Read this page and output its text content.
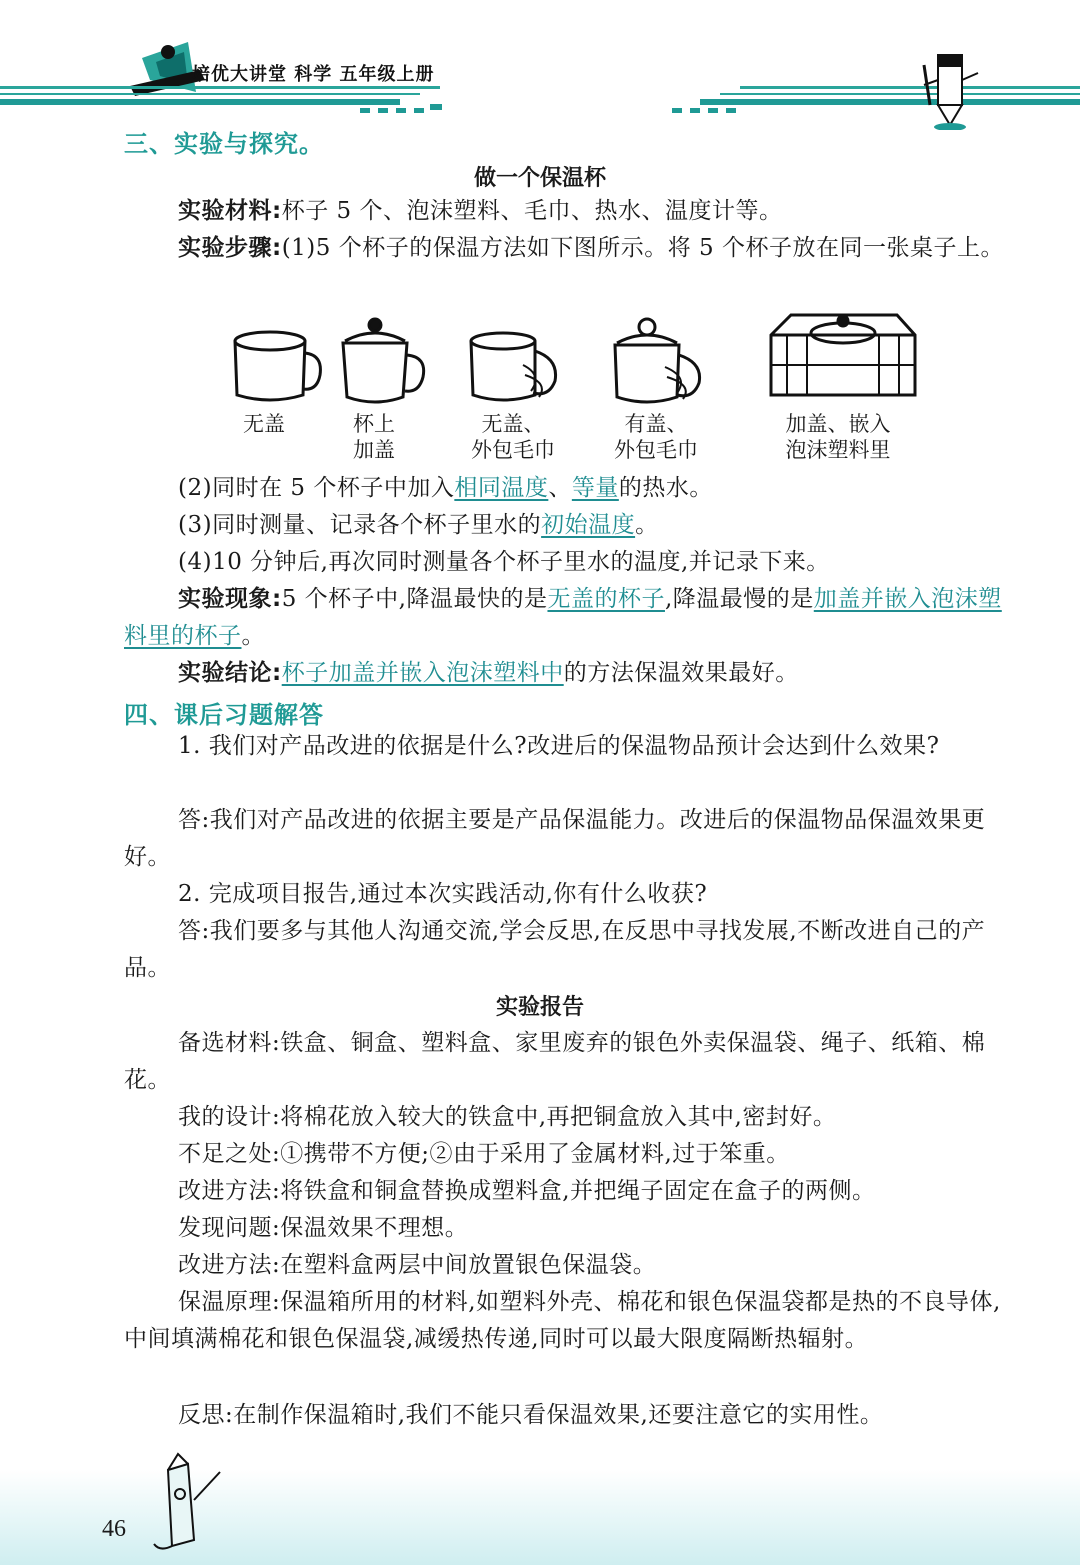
培优大讲堂 科学 五年级上册
三、实验与探究。
做一个保温杯
实验材料:杯子 5 个、泡沫塑料、毛巾、热水、温度计等。
实验步骤:(1)5 个杯子的保温方法如下图所示。将 5 个杯子放在同一张桌子上。
无盖	杯上
加盖
无盖、
外包毛巾
有盖、
外包毛巾
加盖、嵌入
泡沫塑料里
(2)同时在 5 个杯子中加入相同温度、等量的热水。
(3)同时测量、记录各个杯子里水的初始温度。
(4)10 分钟后,再次同时测量各个杯子里水的温度,并记录下来。
实验现象:5 个杯子中,降温最快的是无盖的杯子,降温最慢的是加盖并嵌入泡沫塑料里的杯子。
实验结论:杯子加盖并嵌入泡沫塑料中的方法保温效果最好。
四、课后习题解答
1. 我们对产品改进的依据是什么?改进后的保温物品预计会达到什么效果?
答:我们对产品改进的依据主要是产品保温能力。改进后的保温物品保温效果更好。
2. 完成项目报告,通过本次实践活动,你有什么收获?
答:我们要多与其他人沟通交流,学会反思,在反思中寻找发展,不断改进自己的产品。
实验报告
备选材料:铁盒、铜盒、塑料盒、家里废弃的银色外卖保温袋、绳子、纸箱、棉花。
我的设计:将棉花放入较大的铁盒中,再把铜盒放入其中,密封好。
不足之处:①携带不方便;②由于采用了金属材料,过于笨重。
改进方法:将铁盒和铜盒替换成塑料盒,并把绳子固定在盒子的两侧。
发现问题:保温效果不理想。
改进方法:在塑料盒两层中间放置银色保温袋。
保温原理:保温箱所用的材料,如塑料外壳、棉花和银色保温袋都是热的不良导体,中间填满棉花和银色保温袋,减缓热传递,同时可以最大限度隔断热辐射。
反思:在制作保温箱时,我们不能只看保温效果,还要注意它的实用性。
46
